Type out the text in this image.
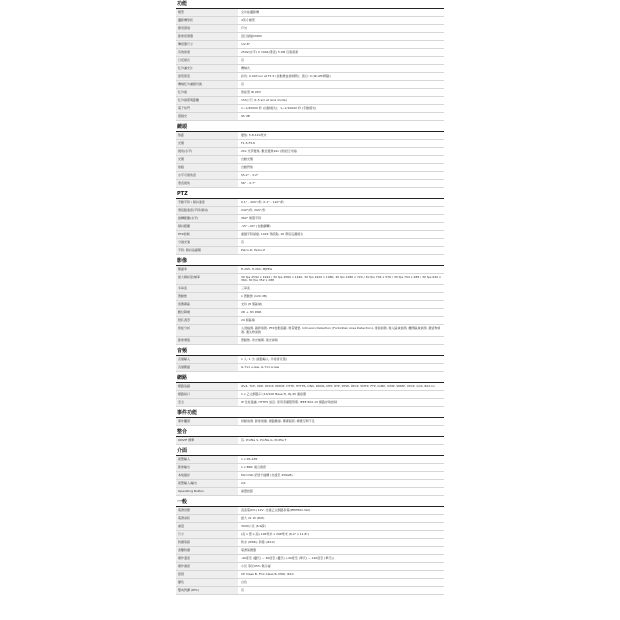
功能
類型	全功能攝影機
攝影機形狀	4英寸槍型
應用環境	戶外
影像感測器	逐行掃描CMOS
傳感器尺寸	1/2.8"
有效像素	2592(水平) X 1944(垂直) 5.0M 百萬畫素
日夜模式	有
紅外濾光片	機械式
最低照度	彩色: 0.003 lux at F1.5 (自動增益控制開)；黑白: 0 (IR LED開啟)
機械紅外濾鏡切換	有
紅外線	智能型 IR LED
紅外線照明距離	150公尺 (1.5 lux at lens mode)
電子快門	1~1/20000 秒 (自動模式)；1~1/10000 秒 (手動模式)
環繞光	95 dB
鏡頭
焦距	變焦, 5.8-120毫米
光圈	F1.5-F3.6
視角(水平)	20x 光學變焦, 數位變焦16x (智能紅外線)
光圈	自動光圈
焦點	自動對焦
水平可視角度	55.2° - 3.2°
垂直視角	56° - 2.7°
PTZ
手動平移 / 傾斜速度	0.1° - 200°/秒, 0.1° - 120°/秒
預設點速度(平移/傾斜)	240°/秒, 200°/秒
旋轉範圍(水平)	360° 無限平移
傾斜範圍	-15°~90° (自動翻轉)
PTZ控制	連續平移掃描, 1024 預設點, 16 預設巡邏模式
分割光速	有
平移, 傾斜協議類	Pelco-D, Pelco-P
影像
壓縮率	H.265, H.264, MJPEG
最大解析度/幀率	30 fps 2592 x 1944 / 30 fps 2560 x 1440, 30 fps 1920 x 1080, 30 fps 1280 x 720 / 30 fps 704 x 576 / 30 fps 704 x 288 / 30 fps 640 x 360, 30 fps 352 x 288
多串流	三串流
寬動態	1 寬動態 (120 dB)
感興趣區	支持 (8 個區域)
數位降噪	2D + 3D DNR
隱私遮罩	24 個區塊
智能分析	入侵檢測, 越界偵測, PTZ自動追蹤, 場景變更, Intrusion Detection (Forbidden Area Detection), 徘徊偵測, 進入區域偵測, 離開區域偵測, 遺留物偵測, 遺失物偵測
影像增強	寬動態, 背光補償, 強光抑制
音頻
音頻輸入	1 入, 1 出 (線路輸入, 外接麥克風)
音頻壓縮	G.711 u-law, G.711 A-law
網路
網路協議	IPv4, TCP, UDP, DHCP, PPPoE, HTTP, HTTPS, DNS, DDNS, NTP, RTP, RTSP, RTCP, SMTP, FTP, IGMP, ICMP, SNMP, UPnP, QoS, 802.1x
網路接口	1 x 乙太網路口 (10/100 Base-T), RJ-45 連接器
安全	IP 位址過濾, HTTPS 加密, 使用者權限管理, IEEE 802.1X 網路存取控制
事件功能
事件觸發	移動偵測, 影像遮擋, 網路斷線, 硬碟錯誤, 硬碟空間不足
整合
ONVIF 標準	有, Profile S, Profile G, Profile T
介面
報警輸入	1 x RS-485
影像輸出	1 x BNC 複合視訊
本地儲存	MicroSD 記憶卡插槽 (支援至 256GB)
報警輸入/輸出	2/1
Operating Button	重置按鈕
一般
電源供應	直流電(DC) 12V, 支援乙太網路供電(IEEE802.3at)
電源消耗	最大 21 W (PoE)
重量	3000公克 (6.6磅)
尺寸	(長 x 寬 x 高) 196毫米 x 298毫米 (6.4" x 11.8")
防護等級	防水 (IP66), 防暴 (IK10)
雷擊防護	電源保護器
操作溫度	-40度至 (攝氏) ~ 60度至 (攝氏) (-40度至 (華氏) ~ 140度至 (華氏))
操作濕度	小於 等於95% 無冷凝
認證	CE Class B, FCC Class B, IP66, IK10
顏色	白色
雙向對講 (RTC)	有
